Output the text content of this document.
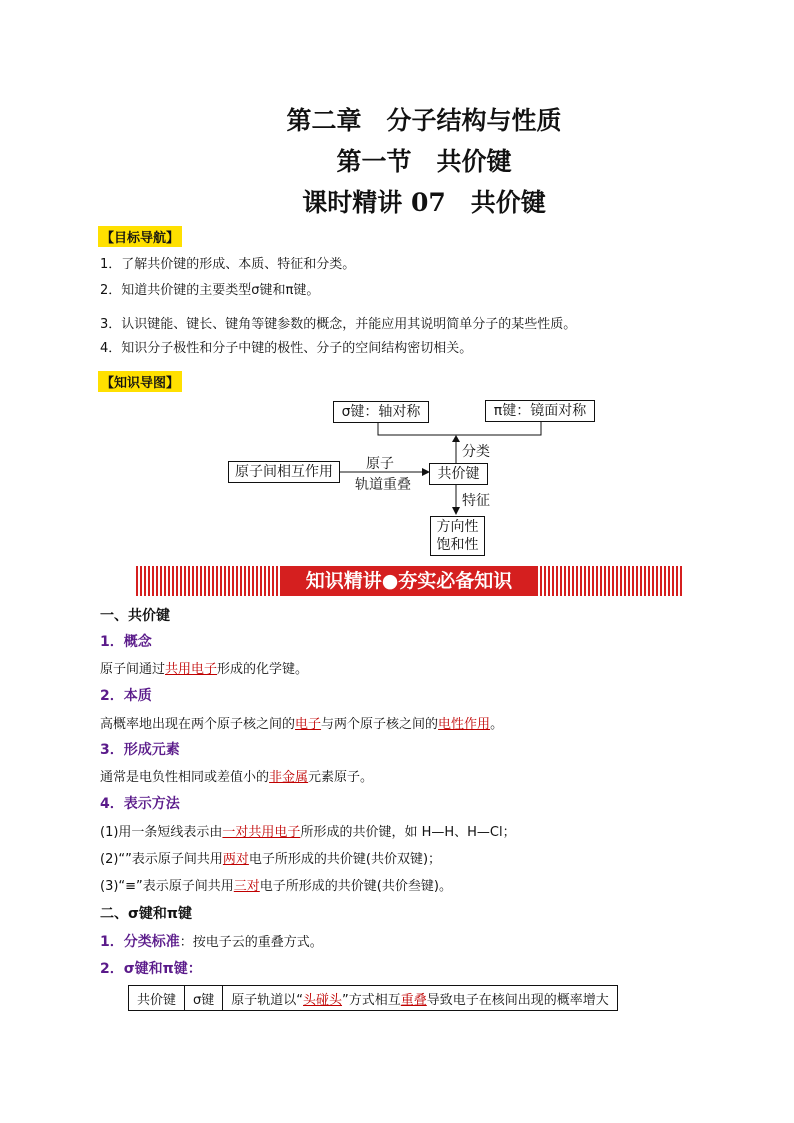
第二章　分子结构与性质
第一节　共价键
课时精讲 07　共价键
【目标导航】
1．了解共价键的形成、本质、特征和分类。
2．知道共价键的主要类型σ键和π键。
3．认识键能、键长、键角等键参数的概念，并能应用其说明简单分子的某些性质。
4．知识分子极性和分子中键的极性、分子的空间结构密切相关。
【知识导图】
σ键：轴对称	π键：镜面对称
分类
原子间相互作用	原子
轨道重叠
共价键
特征
方向性
饱和性
知识精讲●夯实必备知识
一、共价键
1．概念
原子间通过共用电子形成的化学键。
2．本质
高概率地出现在两个原子核之间的电子与两个原子核之间的电性作用。
3．形成元素
通常是电负性相同或差值小的非金属元素原子。
4．表示方法
(1)用一条短线表示由一对共用电子所形成的共价键，如 H—H、H—Cl；
(2)“”表示原子间共用两对电子所形成的共价键(共价双键)；
(3)“≡”表示原子间共用三对电子所形成的共价键(共价叁键)。
二、σ键和π键
1．分类标准：按电子云的重叠方式。
2．σ键和π键：
共价键	σ键	原子轨道以“头碰头”方式相互重叠导致电子在核间出现的概率增大
